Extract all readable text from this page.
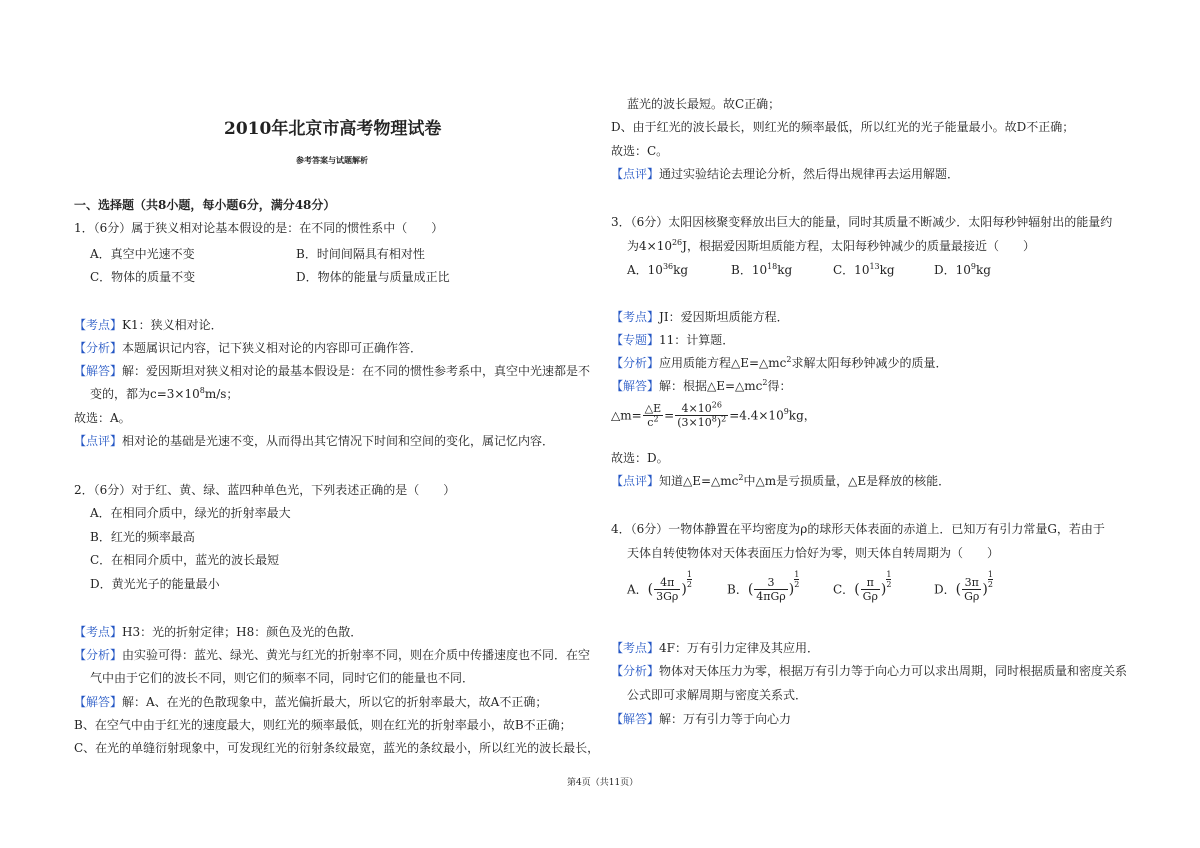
2010年北京市高考物理试卷
参考答案与试题解析
一、选择题（共8小题，每小题6分，满分48分）
1．（6分）属于狭义相对论基本假设的是：在不同的惯性系中（　　）
A．真空中光速不变	B．时间间隔具有相对性
C．物体的质量不变	D．物体的能量与质量成正比
【考点】K1：狭义相对论．
【分析】本题属识记内容，记下狭义相对论的内容即可正确作答．
【解答】解：爱因斯坦对狭义相对论的最基本假设是：在不同的惯性参考系中，真空中光速都是不
变的，都为$c=3\times 10^8m/s$；
故选：A。
【点评】相对论的基础是光速不变，从而得出其它情况下时间和空间的变化，属记忆内容．
2．（6分）对于红、黄、绿、蓝四种单色光，下列表述正确的是（　　）
A．在相同介质中，绿光的折射率最大
B．红光的频率最高
C．在相同介质中，蓝光的波长最短
D．黄光光子的能量最小
【考点】H3：光的折射定律；H8：颜色及光的色散．
【分析】由实验可得：蓝光、绿光、黄光与红光的折射率不同，则在介质中传播速度也不同．在空
气中由于它们的波长不同，则它们的频率不同，同时它们的能量也不同．
【解答】解：A、在光的色散现象中，蓝光偏折最大，所以它的折射率最大，故A不正确；
B、在空气中由于红光的速度最大，则红光的频率最低，则在红光的折射率最小，故B不正确；
C、在光的单缝衍射现象中，可发现红光的衍射条纹最宽，蓝光的条纹最小，所以红光的波长最长，
蓝光的波长最短。故C正确；
D、由于红光的波长最长，则红光的频率最低，所以红光的光子能量最小。故D不正确；
故选：C。
【点评】通过实验结论去理论分析，然后得出规律再去运用解题．
3．（6分）太阳因核聚变释放出巨大的能量，同时其质量不断减少．太阳每秒钟辐射出的能量约
为$4\times 10^{26}J$，根据爱因斯坦质能方程，太阳每秒钟减少的质量最接近（　　）
A．$10^{36}kg$	B．$10^{18}kg$	C．$10^{13}kg$	D．$10^9kg$
【考点】JI：爱因斯坦质能方程．
【专题】11：计算题．
【分析】应用质能方程$\triangle E=\triangle mc^2$求解太阳每秒钟减少的质量．
【解答】解：根据$\triangle E=\triangle mc^2$得：
△m= $\frac{\triangle E}{c^2} = \frac{4\times 10^{26}}{(3\times 10^8)^2} =4.4\times 10^9kg$，
故选：D。
【点评】知道$\triangle E=\triangle mc^2$中△m是亏损质量，△E是释放的核能．
4．（6分）一物体静置在平均密度为ρ的球形天体表面的赤道上．已知万有引力常量G，若由于
天体自转使物体对天体表面压力恰好为零，则天体自转周期为（　　）
A．( $\frac{4\pi}{3G\rho}$ )
$\frac{1}{2}$
B．( $\frac{3}{\text{4πGρ}}$ )
$\frac{1}{2}$
C．( $\frac{\pi}{G\rho}$ )
$\frac{1}{2}$
D．( $\frac{3\pi}{G\rho}$ )
$\frac{1}{2}$
【考点】4F：万有引力定律及其应用．
【分析】物体对天体压力为零，根据万有引力等于向心力可以求出周期，同时根据质量和密度关系
公式即可求解周期与密度关系式．
【解答】解：万有引力等于向心力
第4页（共11页）
